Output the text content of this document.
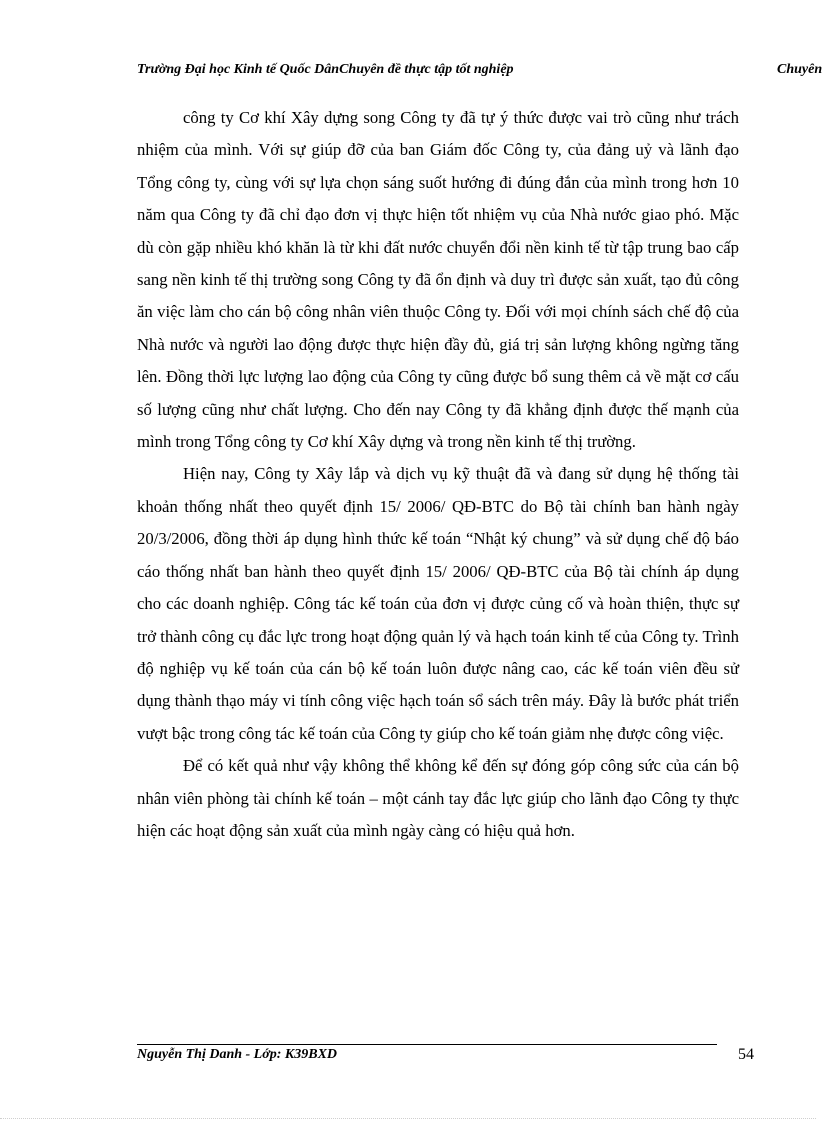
Trường Đại học Kinh tế Quốc DânChuyên đề thực tập tốt nghiệp	Chuyên

công ty Cơ khí Xây dựng song Công ty đã tự ý thức được vai trò cũng như trách nhiệm của mình. Với sự giúp đỡ của ban Giám đốc Công ty, của đảng uỷ và lãnh đạo Tổng công ty, cùng với sự lựa chọn sáng suốt hướng đi đúng đắn của mình trong hơn 10 năm qua Công ty đã chỉ đạo đơn vị thực hiện tốt nhiệm vụ của Nhà nước giao phó. Mặc dù còn gặp nhiều khó khăn là từ khi đất nước chuyển đổi nền kinh tế từ tập trung bao cấp sang nền kinh tế thị trường song Công ty đã ổn định và duy trì được sản xuất, tạo đủ công ăn việc làm cho cán bộ công nhân viên thuộc Công ty. Đối với mọi chính sách chế độ của Nhà nước và người lao động được thực hiện đầy đủ, giá trị sản lượng không ngừng tăng lên. Đồng thời lực lượng lao động của Công ty cũng được bổ sung thêm cả về mặt cơ cấu số lượng cũng như chất lượng. Cho đến nay Công ty đã khẳng định được thế mạnh của mình trong Tổng công ty Cơ khí Xây dựng và trong nền kinh tế thị trường.

Hiện nay, Công ty Xây lắp và dịch vụ kỹ thuật đã và đang sử dụng hệ thống tài khoản thống nhất theo quyết định 15/ 2006/ QĐ-BTC do Bộ tài chính ban hành ngày 20/3/2006, đồng thời áp dụng hình thức kế toán “Nhật ký chung” và sử dụng chế độ báo cáo thống nhất ban hành theo quyết định 15/ 2006/ QĐ-BTC của Bộ tài chính áp dụng cho các doanh nghiệp. Công tác kế toán của đơn vị được củng cố và hoàn thiện, thực sự trở thành công cụ đắc lực trong hoạt động quản lý và hạch toán kinh tế của Công ty. Trình độ nghiệp vụ kế toán của cán bộ kế toán luôn được nâng cao, các kế toán viên đều sử dụng thành thạo máy vi tính công việc hạch toán sổ sách trên máy. Đây là bước phát triển vượt bậc trong công tác kế toán của Công ty giúp cho kế toán giảm nhẹ được công việc.

Để có kết quả như vậy không thể không kể đến sự đóng góp công sức của cán bộ nhân viên phòng tài chính kế toán – một cánh tay đắc lực giúp cho lãnh đạo Công ty thực hiện các hoạt động sản xuất của mình ngày càng có hiệu quả hơn.

Nguyễn Thị Danh - Lớp: K39BXD	54
